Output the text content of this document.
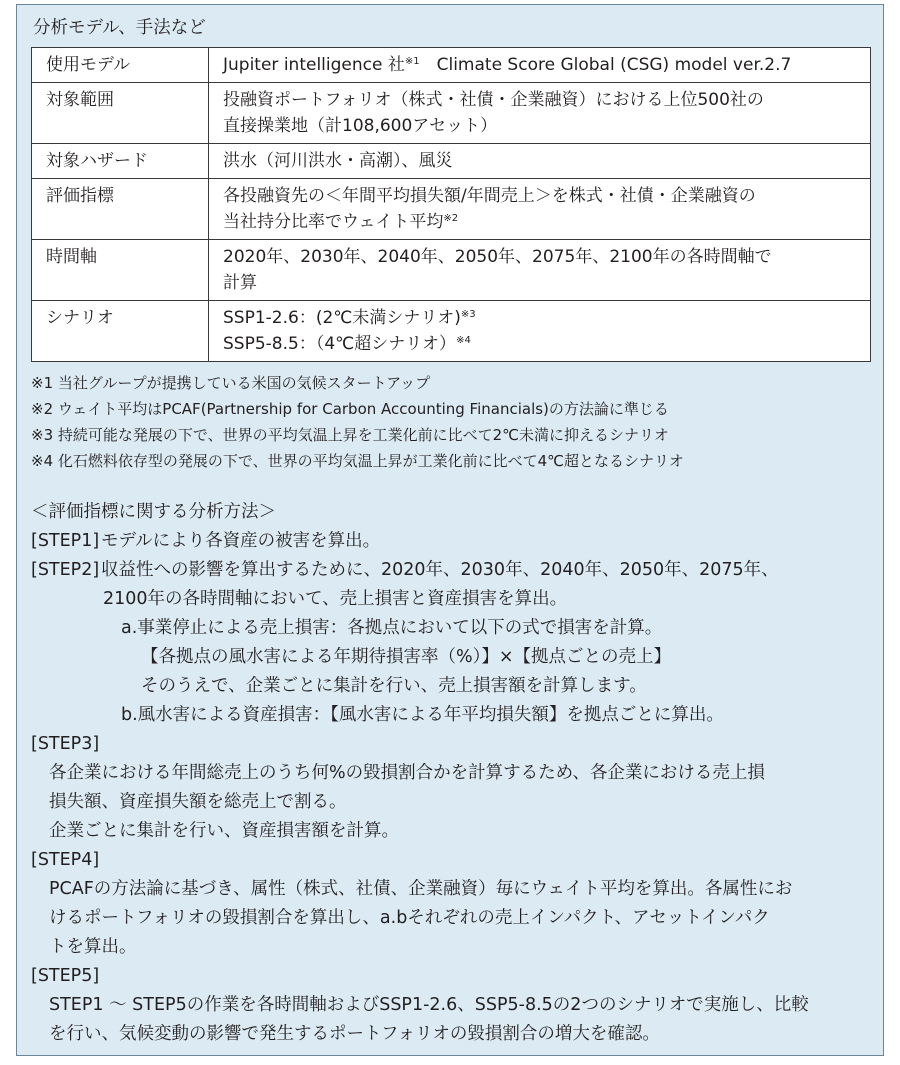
分析モデル、手法など
使用モデル	Jupiter intelligence 社$^{※1}$　Climate Score Global (CSG) model ver.2.7

対象範囲	投融資ポートフォリオ（株式・社債・企業融資）における上位500社の
直接操業地（計108,600アセット）

対象ハザード	洪水（河川洪水・高潮）、風災

評価指標	各投融資先の＜年間平均損失額/年間売上＞を株式・社債・企業融資の
当社持分比率でウェイト平均$^{※2}$

時間軸	2020年、2030年、2040年、2050年、2075年、2100年の各時間軸で
計算

シナリオ	SSP1-2.6：(2℃未満シナリオ)$^{※3}$
SSP5-8.5：（4℃超シナリオ）$^{※4}$
※1 当社グループが提携している米国の気候スタートアップ
※2 ウェイト平均はPCAF(Partnership for Carbon Accounting Financials)の方法論に準じる
※3 持続可能な発展の下で、世界の平均気温上昇を工業化前に比べて2℃未満に抑えるシナリオ
※4 化石燃料依存型の発展の下で、世界の平均気温上昇が工業化前に比べて4℃超となるシナリオ
＜評価指標に関する分析方法＞
[STEP1] モデルにより各資産の被害を算出。
[STEP2] 収益性への影響を算出するために、2020年、2030年、2040年、2050年、2075年、
2100年の各時間軸において、売上損害と資産損害を算出。
a.事業停止による売上損害：各拠点において以下の式で損害を計算。
【各拠点の風水害による年期待損害率（%）】×【拠点ごとの売上】
そのうえで、企業ごとに集計を行い、売上損害額を計算します。
b.風水害による資産損害：【風水害による年平均損失額】を拠点ごとに算出。
[STEP3]
各企業における年間総売上のうち何%の毀損割合かを計算するため、各企業における売上損
損失額、資産損失額を総売上で割る。
企業ごとに集計を行い、資産損害額を計算。
[STEP4]
PCAFの方法論に基づき、属性（株式、社債、企業融資）毎にウェイト平均を算出。各属性にお
けるポートフォリオの毀損割合を算出し、a.bそれぞれの売上インパクト、アセットインパク
トを算出。
[STEP5]
STEP1 ～ STEP5の作業を各時間軸およびSSP1-2.6、SSP5-8.5の2つのシナリオで実施し、比較
を行い、気候変動の影響で発生するポートフォリオの毀損割合の増大を確認。
